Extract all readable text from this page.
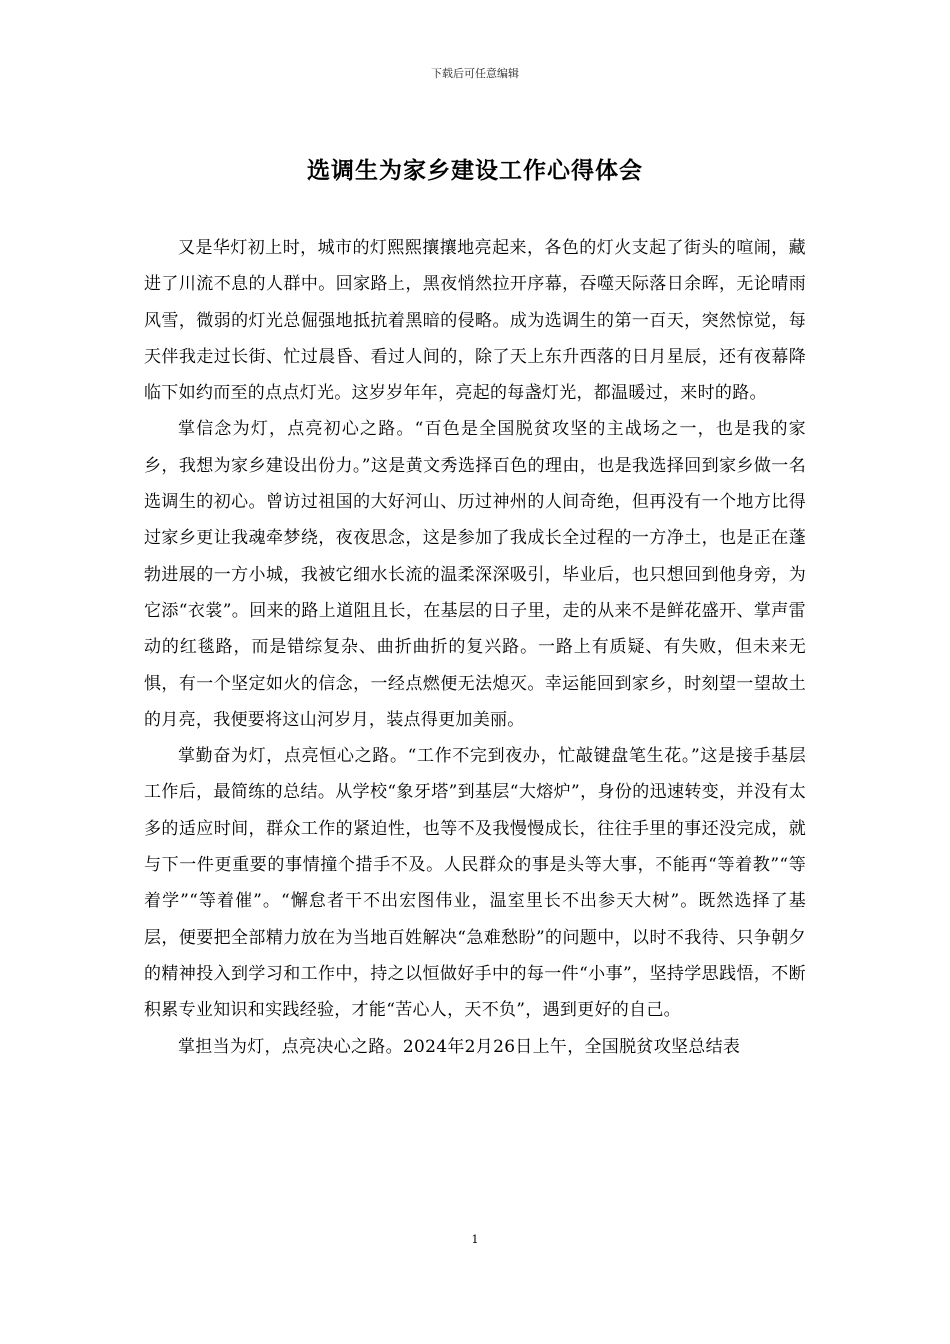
下载后可任意编辑
选调生为家乡建设工作心得体会

又是华灯初上时，城市的灯熙熙攘攘地亮起来，各色的灯火支起了街头的喧闹，藏进了川流不息的人群中。回家路上，黑夜悄然拉开序幕，吞噬天际落日余晖，无论晴雨风雪，微弱的灯光总倔强地抵抗着黑暗的侵略。成为选调生的第一百天，突然惊觉，每天伴我走过长街、忙过晨昏、看过人间的，除了天上东升西落的日月星辰，还有夜幕降临下如约而至的点点灯光。这岁岁年年，亮起的每盏灯光，都温暖过，来时的路。

掌信念为灯，点亮初心之路。“百色是全国脱贫攻坚的主战场之一，也是我的家乡，我想为家乡建设出份力。”这是黄文秀选择百色的理由，也是我选择回到家乡做一名选调生的初心。曾访过祖国的大好河山、历过神州的人间奇绝，但再没有一个地方比得过家乡更让我魂牵梦绕，夜夜思念，这是参加了我成长全过程的一方净土，也是正在蓬勃进展的一方小城，我被它细水长流的温柔深深吸引，毕业后，也只想回到他身旁，为它添“衣裳”。回来的路上道阻且长，在基层的日子里，走的从来不是鲜花盛开、掌声雷动的红毯路，而是错综复杂、曲折曲折的复兴路。一路上有质疑、有失败，但未来无惧，有一个坚定如火的信念，一经点燃便无法熄灭。幸运能回到家乡，时刻望一望故土的月亮，我便要将这山河岁月，装点得更加美丽。

掌勤奋为灯，点亮恒心之路。“工作不完到夜办，忙敲键盘笔生花。”这是接手基层工作后，最简练的总结。从学校“象牙塔”到基层“大熔炉”，身份的迅速转变，并没有太多的适应时间，群众工作的紧迫性，也等不及我慢慢成长，往往手里的事还没完成，就与下一件更重要的事情撞个措手不及。人民群众的事是头等大事，不能再“等着教”“等着学”“等着催”。“懈怠者干不出宏图伟业，温室里长不出参天大树”。既然选择了基层，便要把全部精力放在为当地百姓解决“急难愁盼”的问题中，以时不我待、只争朝夕的精神投入到学习和工作中，持之以恒做好手中的每一件“小事”，坚持学思践悟，不断积累专业知识和实践经验，才能“苦心人，天不负”，遇到更好的自己。

掌担当为灯，点亮决心之路。2024年2月26日上午，全国脱贫攻坚总结表

1
